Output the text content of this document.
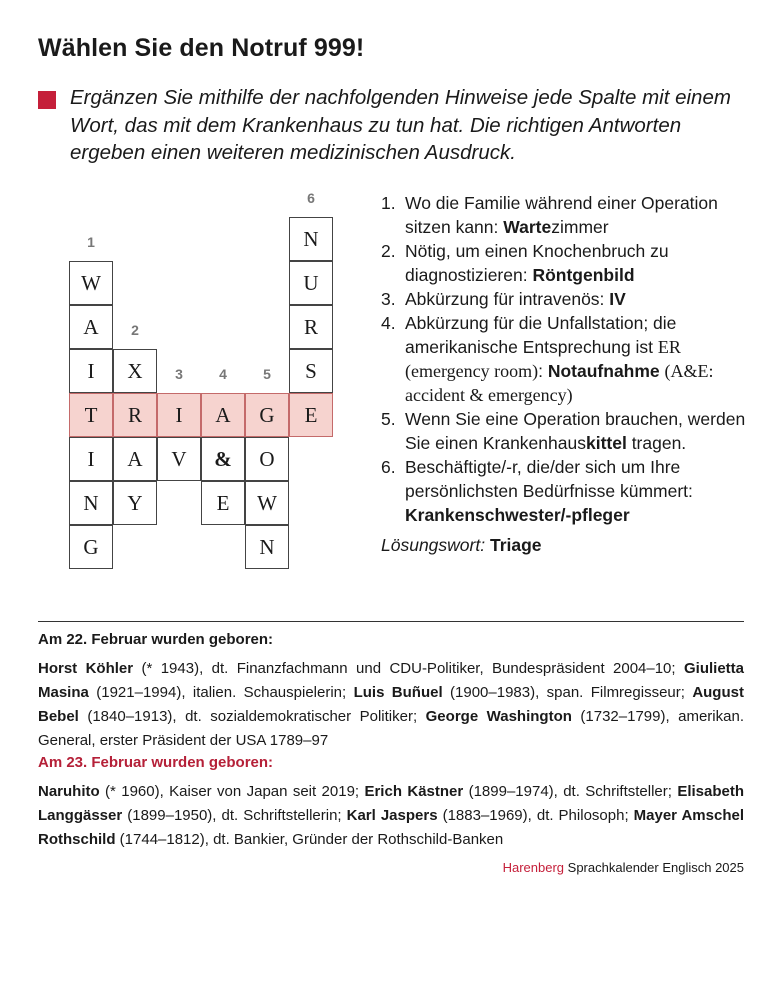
Wählen Sie den Notruf 999!
Ergänzen Sie mithilfe der nachfolgenden Hinweise jede Spalte mit einem Wort, das mit dem Krankenhaus zu tun hat. Die richtigen Antworten ergeben einen weiteren medizinischen Ausdruck.
1
W
A
I
T
I
N
G
2
X
R
A
Y
3
I
V
4
A
&
E
5
G
O
W
N
6
N
U
R
S
E
1. Wo die Familie während einer Operation sitzen kann: Wartezimmer
2. Nötig, um einen Knochenbruch zu diagnostizieren: Röntgenbild
3. Abkürzung für intravenös: IV
4. Abkürzung für die Unfallstation; die amerikanische Entsprechung ist ER (emergency room): Notaufnahme (A&E: accident & emergency)
5. Wenn Sie eine Operation brauchen, werden Sie einen Krankenhauskittel tragen.
6. Beschäftigte/-r, die/der sich um Ihre persönlichsten Bedürfnisse kümmert: Krankenschwester/-pfleger
Lösungswort: Triage
Am 22. Februar wurden geboren:

Horst Köhler (* 1943), dt. Finanzfachmann und CDU-Politiker, Bundespräsident 2004–10; Giulietta Masina (1921–1994), italien. Schauspielerin; Luis Buñuel (1900–1983), span. Filmregisseur; August Bebel (1840–1913), dt. sozialdemokratischer Politiker; George Washington (1732–1799), amerikan. General, erster Präsident der USA 1789–97

Am 23. Februar wurden geboren:

Naruhito (* 1960), Kaiser von Japan seit 2019; Erich Kästner (1899–1974), dt. Schriftsteller; Elisabeth Langgässer (1899–1950), dt. Schriftstellerin; Karl Jaspers (1883–1969), dt. Philosoph; Mayer Amschel Rothschild (1744–1812), dt. Bankier, Gründer der Rothschild-Banken

Harenberg Sprachkalender Englisch 2025
